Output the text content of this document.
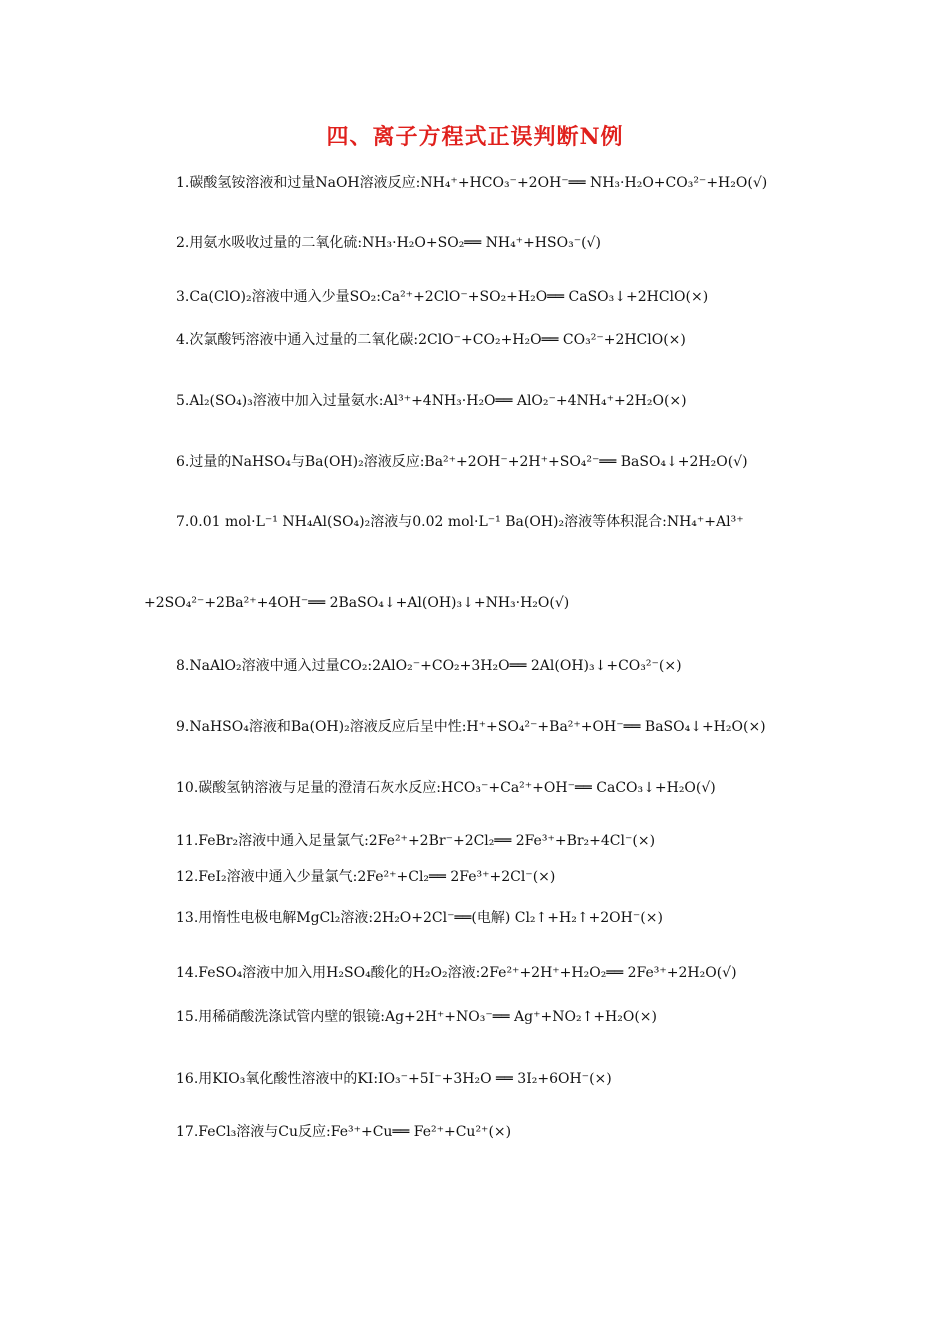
四、离子方程式正误判断N例
1.碳酸氢铵溶液和过量NaOH溶液反应:NH₄⁺+HCO₃⁻+2OH⁻══ NH₃·H₂O+CO₃²⁻+H₂O(√)
2.用氨水吸收过量的二氧化硫:NH₃·H₂O+SO₂══ NH₄⁺+HSO₃⁻(√)
3.Ca(ClO)₂溶液中通入少量SO₂:Ca²⁺+2ClO⁻+SO₂+H₂O══ CaSO₃↓+2HClO(×)
4.次氯酸钙溶液中通入过量的二氧化碳:2ClO⁻+CO₂+H₂O══ CO₃²⁻+2HClO(×)
5.Al₂(SO₄)₃溶液中加入过量氨水:Al³⁺+4NH₃·H₂O══ AlO₂⁻+4NH₄⁺+2H₂O(×)
6.过量的NaHSO₄与Ba(OH)₂溶液反应:Ba²⁺+2OH⁻+2H⁺+SO₄²⁻══ BaSO₄↓+2H₂O(√)
7.0.01 mol·L⁻¹ NH₄Al(SO₄)₂溶液与0.02 mol·L⁻¹ Ba(OH)₂溶液等体积混合:NH₄⁺+Al³⁺
+2SO₄²⁻+2Ba²⁺+4OH⁻══ 2BaSO₄↓+Al(OH)₃↓+NH₃·H₂O(√)
8.NaAlO₂溶液中通入过量CO₂:2AlO₂⁻+CO₂+3H₂O══ 2Al(OH)₃↓+CO₃²⁻(×)
9.NaHSO₄溶液和Ba(OH)₂溶液反应后呈中性:H⁺+SO₄²⁻+Ba²⁺+OH⁻══ BaSO₄↓+H₂O(×)
10.碳酸氢钠溶液与足量的澄清石灰水反应:HCO₃⁻+Ca²⁺+OH⁻══ CaCO₃↓+H₂O(√)
11.FeBr₂溶液中通入足量氯气:2Fe²⁺+2Br⁻+2Cl₂══ 2Fe³⁺+Br₂+4Cl⁻(×)
12.FeI₂溶液中通入少量氯气:2Fe²⁺+Cl₂══ 2Fe³⁺+2Cl⁻(×)
13.用惰性电极电解MgCl₂溶液:2H₂O+2Cl⁻══(电解) Cl₂↑+H₂↑+2OH⁻(×)
14.FeSO₄溶液中加入用H₂SO₄酸化的H₂O₂溶液:2Fe²⁺+2H⁺+H₂O₂══ 2Fe³⁺+2H₂O(√)
15.用稀硝酸洗涤试管内壁的银镜:Ag+2H⁺+NO₃⁻══ Ag⁺+NO₂↑+H₂O(×)
16.用KIO₃氧化酸性溶液中的KI:IO₃⁻+5I⁻+3H₂O ══ 3I₂+6OH⁻(×)
17.FeCl₃溶液与Cu反应:Fe³⁺+Cu══ Fe²⁺+Cu²⁺(×)
